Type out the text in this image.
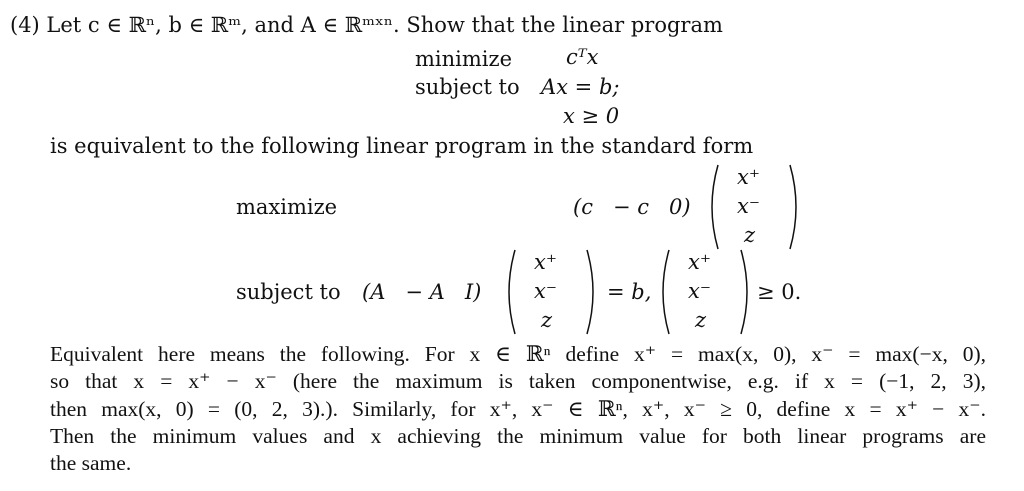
(4) Let c ∈ ℝⁿ, b ∈ ℝᵐ, and A ∈ ℝᵐˣⁿ. Show that the linear program
minimize	cᵀx
subject to Ax = b;
x ≥ 0
is equivalent to the following linear program in the standard form
maximize	(c   − c   0)
x⁺
x⁻
z
subject to (A   − A   I)
x⁺
x⁻
z
= b,
x⁺
x⁻
z
≥ 0.
Equivalent here means the following. For x ∈ ℝⁿ define x⁺ = max(x, 0), x⁻ = max(−x, 0),
so that x = x⁺ − x⁻ (here the maximum is taken componentwise, e.g. if x = (−1, 2, 3),
then max(x, 0) = (0, 2, 3).). Similarly, for x⁺, x⁻ ∈ ℝⁿ, x⁺, x⁻ ≥ 0, define x = x⁺ − x⁻.
Then the minimum values and x achieving the minimum value for both linear programs are
the same.
